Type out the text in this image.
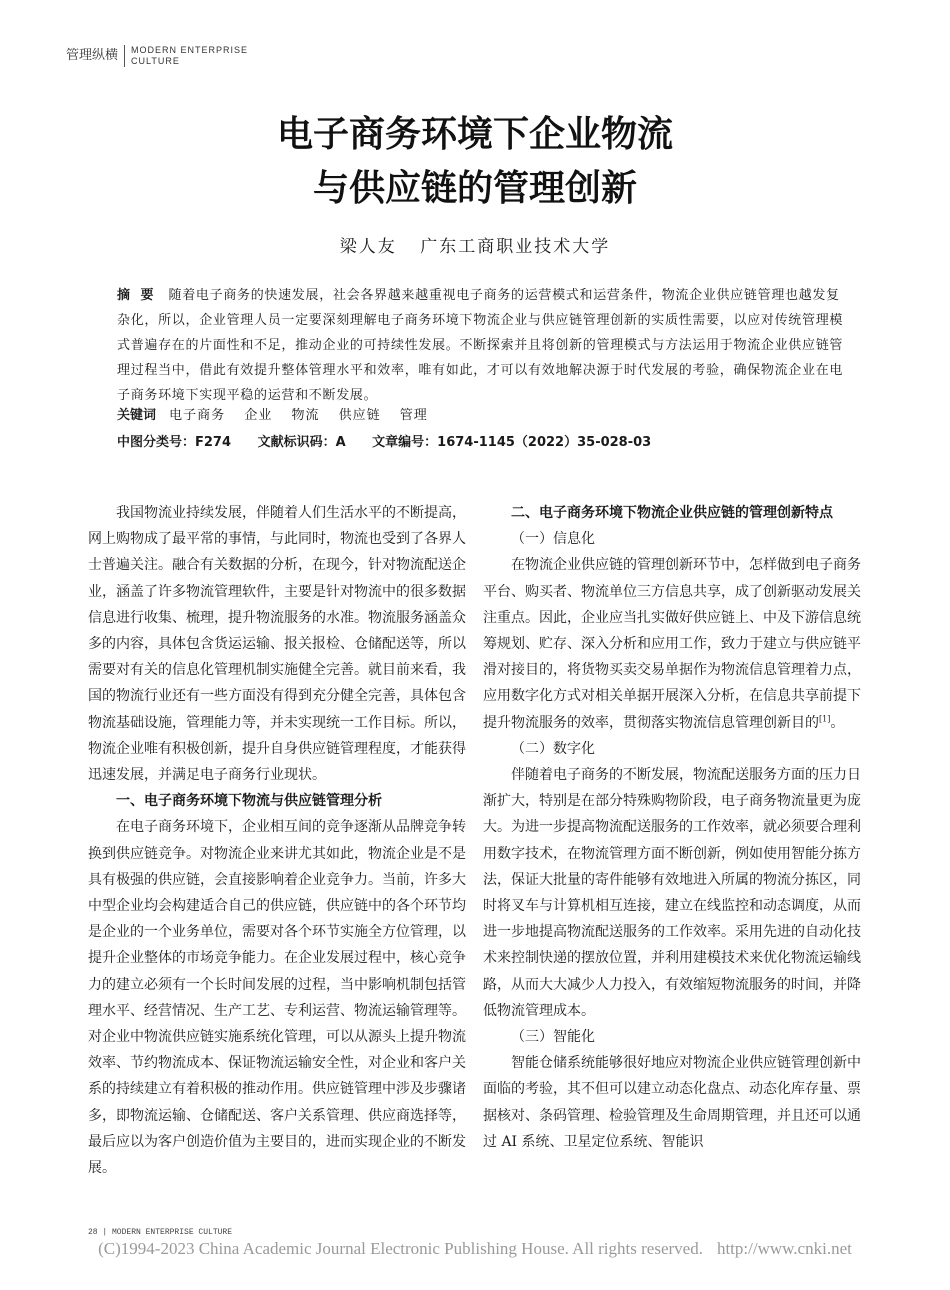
管理纵横 MODERN ENTERPRISE
CULTURE
电子商务环境下企业物流
与供应链的管理创新
梁人友 广东工商职业技术大学
摘 要 随着电子商务的快速发展，社会各界越来越重视电子商务的运营模式和运营条件，物流企业供应链管理也越发复杂化，所以，企业管理人员一定要深刻理解电子商务环境下物流企业与供应链管理创新的实质性需要，以应对传统管理模式普遍存在的片面性和不足，推动企业的可持续性发展。不断探索并且将创新的管理模式与方法运用于物流企业供应链管理过程当中，借此有效提升整体管理水平和效率，唯有如此，才可以有效地解决源于时代发展的考验，确保物流企业在电子商务环境下实现平稳的运营和不断发展。
关键词 电子商务 企业 物流 供应链 管理
中图分类号：F274 文献标识码：A 文章编号：1674-1145（2022）35-028-03

我国物流业持续发展，伴随着人们生活水平的不断提高，网上购物成了最平常的事情，与此同时，物流也受到了各界人士普遍关注。融合有关数据的分析，在现今，针对物流配送企业，涵盖了许多物流管理软件，主要是针对物流中的很多数据信息进行收集、梳理，提升物流服务的水准。物流服务涵盖众多的内容，具体包含货运运输、报关报检、仓储配送等，所以需要对有关的信息化管理机制实施健全完善。就目前来看，我国的物流行业还有一些方面没有得到充分健全完善，具体包含物流基础设施，管理能力等，并未实现统一工作目标。所以，物流企业唯有积极创新，提升自身供应链管理程度，才能获得迅速发展，并满足电子商务行业现状。

一、电子商务环境下物流与供应链管理分析

在电子商务环境下，企业相互间的竞争逐渐从品牌竞争转换到供应链竞争。对物流企业来讲尤其如此，物流企业是不是具有极强的供应链，会直接影响着企业竞争力。当前，许多大中型企业均会构建适合自己的供应链，供应链中的各个环节均是企业的一个业务单位，需要对各个环节实施全方位管理，以提升企业整体的市场竞争能力。在企业发展过程中，核心竞争力的建立必须有一个长时间发展的过程，当中影响机制包括管理水平、经营情况、生产工艺、专利运营、物流运输管理等。对企业中物流供应链实施系统化管理，可以从源头上提升物流效率、节约物流成本、保证物流运输安全性，对企业和客户关系的持续建立有着积极的推动作用。供应链管理中涉及步骤诸多，即物流运输、仓储配送、客户关系管理、供应商选择等，最后应以为客户创造价值为主要目的，进而实现企业的不断发展。

二、电子商务环境下物流企业供应链的管理创新特点
（一）信息化

在物流企业供应链的管理创新环节中，怎样做到电子商务平台、购买者、物流单位三方信息共享，成了创新驱动发展关注重点。因此，企业应当扎实做好供应链上、中及下游信息统筹规划、贮存、深入分析和应用工作，致力于建立与供应链平滑对接目的，将货物买卖交易单据作为物流信息管理着力点，应用数字化方式对相关单据开展深入分析，在信息共享前提下提升物流服务的效率，贯彻落实物流信息管理创新目的[1]。

（二）数字化

伴随着电子商务的不断发展，物流配送服务方面的压力日渐扩大，特别是在部分特殊购物阶段，电子商务物流量更为庞大。为进一步提高物流配送服务的工作效率，就必须要合理利用数字技术，在物流管理方面不断创新，例如使用智能分拣方法，保证大批量的寄件能够有效地进入所属的物流分拣区，同时将叉车与计算机相互连接，建立在线监控和动态调度，从而进一步地提高物流配送服务的工作效率。采用先进的自动化技术来控制快递的摆放位置，并利用建模技术来优化物流运输线路，从而大大减少人力投入，有效缩短物流服务的时间，并降低物流管理成本。

（三）智能化

智能仓储系统能够很好地应对物流企业供应链管理创新中面临的考验，其不但可以建立动态化盘点、动态化库存量、票据核对、条码管理、检验管理及生命周期管理，并且还可以通过 AI 系统、卫星定位系统、智能识

28 | MODERN ENTERPRISE CULTURE
(C)1994-2023 China Academic Journal Electronic Publishing House. All rights reserved. http://www.cnki.net
